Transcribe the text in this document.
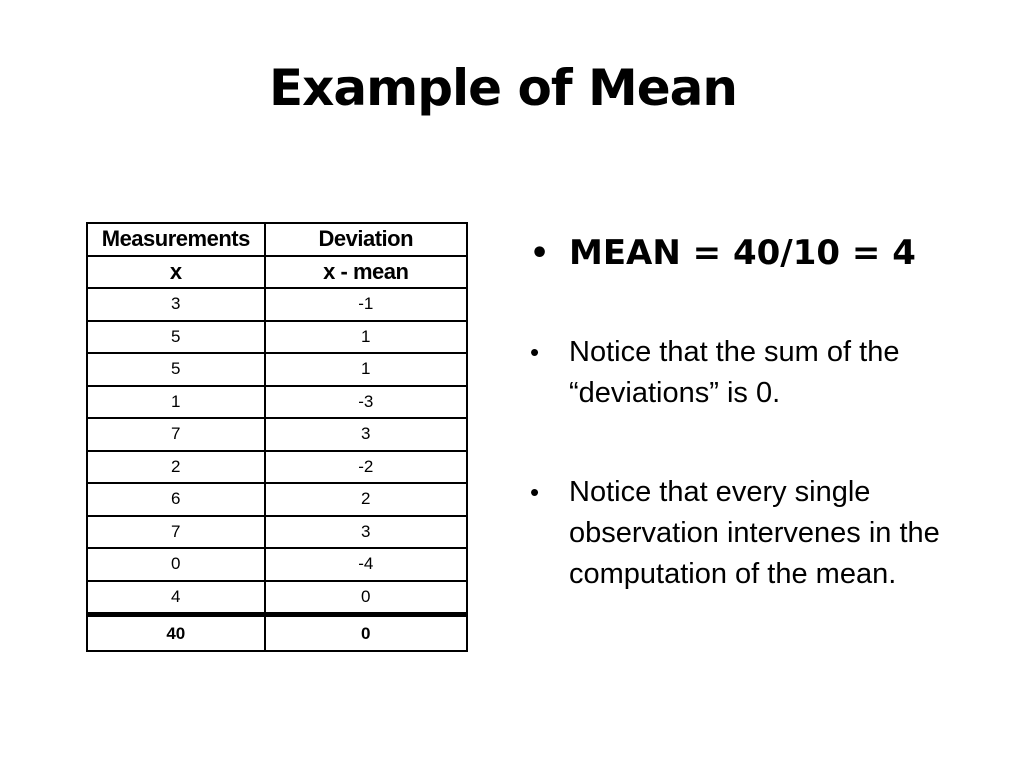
Example of Mean
Measurements	Deviation
x	x - mean
3	-1
5	1
5	1
1	-3
7	3
2	-2
6	2
7	3
0	-4
4	0
40	0
• MEAN = 40/10 = 4
• Notice that the sum of the “deviations” is 0.
• Notice that every single observation intervenes in the computation of the mean.
